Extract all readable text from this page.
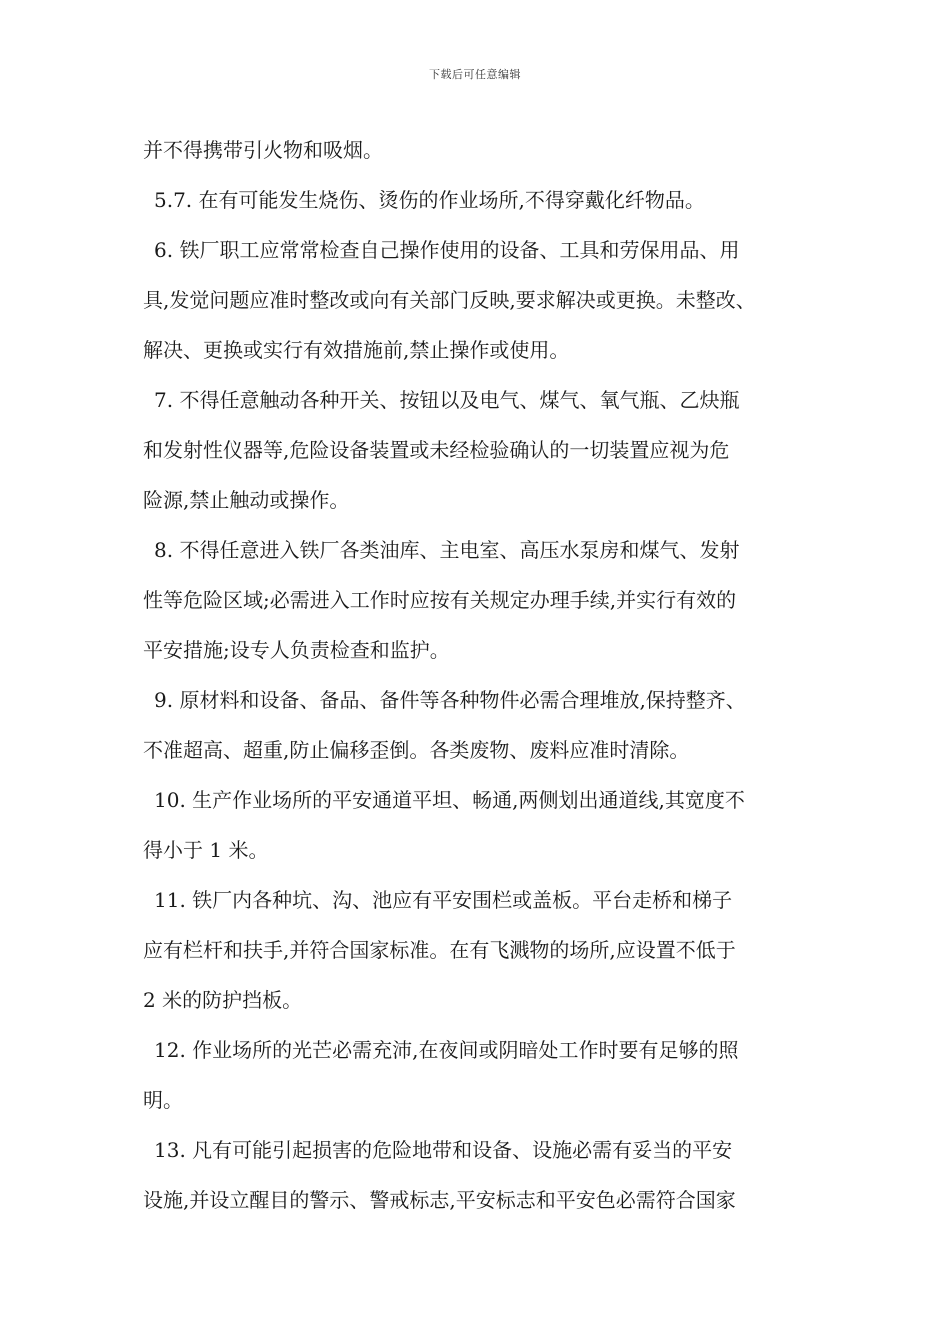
下载后可任意编辑
并不得携带引火物和吸烟。
5.7. 在有可能发生烧伤、烫伤的作业场所,不得穿戴化纤物品。
6. 铁厂职工应常常检查自己操作使用的设备、工具和劳保用品、用
具,发觉问题应准时整改或向有关部门反映,要求解决或更换。未整改、
解决、更换或实行有效措施前,禁止操作或使用。
7. 不得任意触动各种开关、按钮以及电气、煤气、氧气瓶、乙炔瓶
和发射性仪器等,危险设备装置或未经检验确认的一切装置应视为危
险源,禁止触动或操作。
8. 不得任意进入铁厂各类油库、主电室、高压水泵房和煤气、发射
性等危险区域;必需进入工作时应按有关规定办理手续,并实行有效的
平安措施;设专人负责检查和监护。
9. 原材料和设备、备品、备件等各种物件必需合理堆放,保持整齐、
不准超高、超重,防止偏移歪倒。各类废物、废料应准时清除。
10. 生产作业场所的平安通道平坦、畅通,两侧划出通道线,其宽度不
得小于 1 米。
11. 铁厂内各种坑、沟、池应有平安围栏或盖板。平台走桥和梯子
应有栏杆和扶手,并符合国家标准。在有飞溅物的场所,应设置不低于
2 米的防护挡板。
12. 作业场所的光芒必需充沛,在夜间或阴暗处工作时要有足够的照
明。
13. 凡有可能引起损害的危险地带和设备、设施必需有妥当的平安
设施,并设立醒目的警示、警戒标志,平安标志和平安色必需符合国家
